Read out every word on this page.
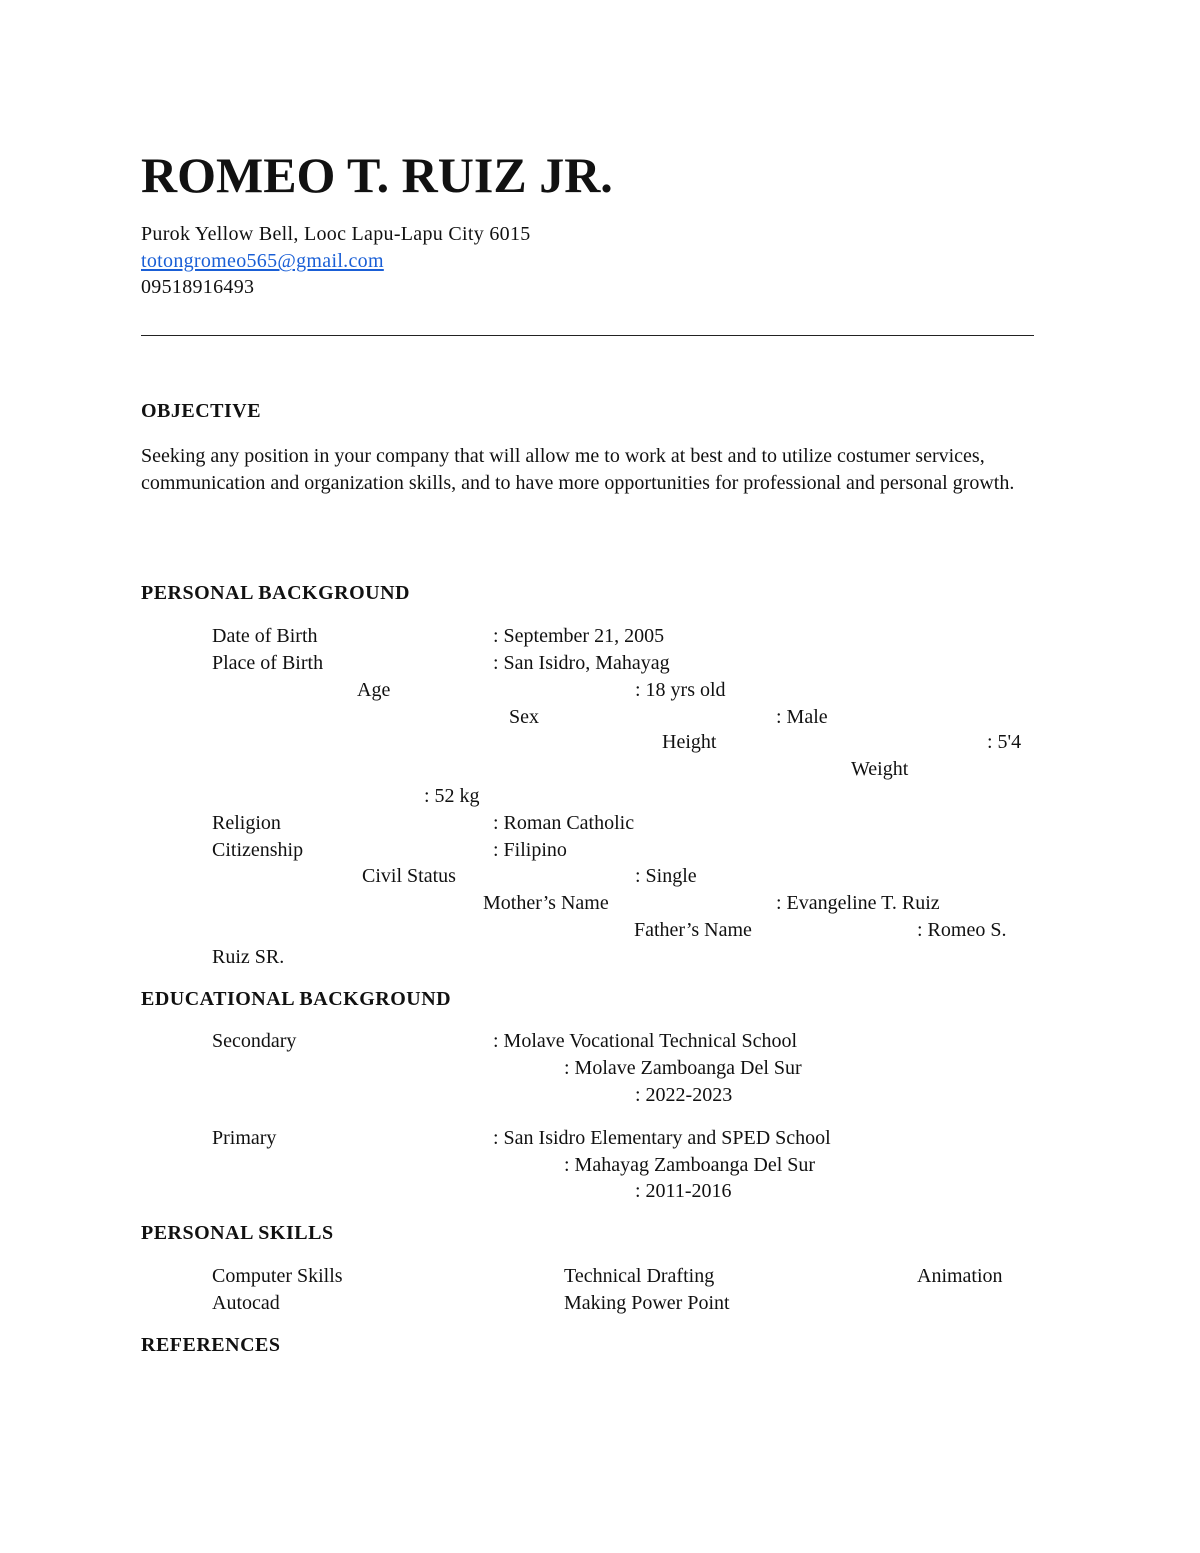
ROMEO T. RUIZ JR.
Purok Yellow Bell, Looc Lapu-Lapu City 6015
totongromeo565@gmail.com
09518916493
OBJECTIVE
Seeking any position in your company that will allow me to work at best and to utilize costumer services, communication and organization skills, and to have more opportunities for professional and personal growth.
PERSONAL BACKGROUND
Date of Birth	: September 21, 2005
Place of Birth	: San Isidro, Mahayag
Age	: 18 yrs old
Sex	: Male
Height	: 5'4
Weight
: 52 kg
Religion	: Roman Catholic
Citizenship	: Filipino
Civil Status	: Single
Mother’s Name	: Evangeline T. Ruiz
Father’s Name	: Romeo S.
Ruiz SR.
EDUCATIONAL BACKGROUND
Secondary	: Molave Vocational Technical School
: Molave Zamboanga Del Sur
: 2022-2023
Primary	: San Isidro Elementary and SPED School
: Mahayag Zamboanga Del Sur
: 2011-2016
PERSONAL SKILLS
Computer Skills	Technical Drafting	Animation
Autocad	Making Power Point
REFERENCES
